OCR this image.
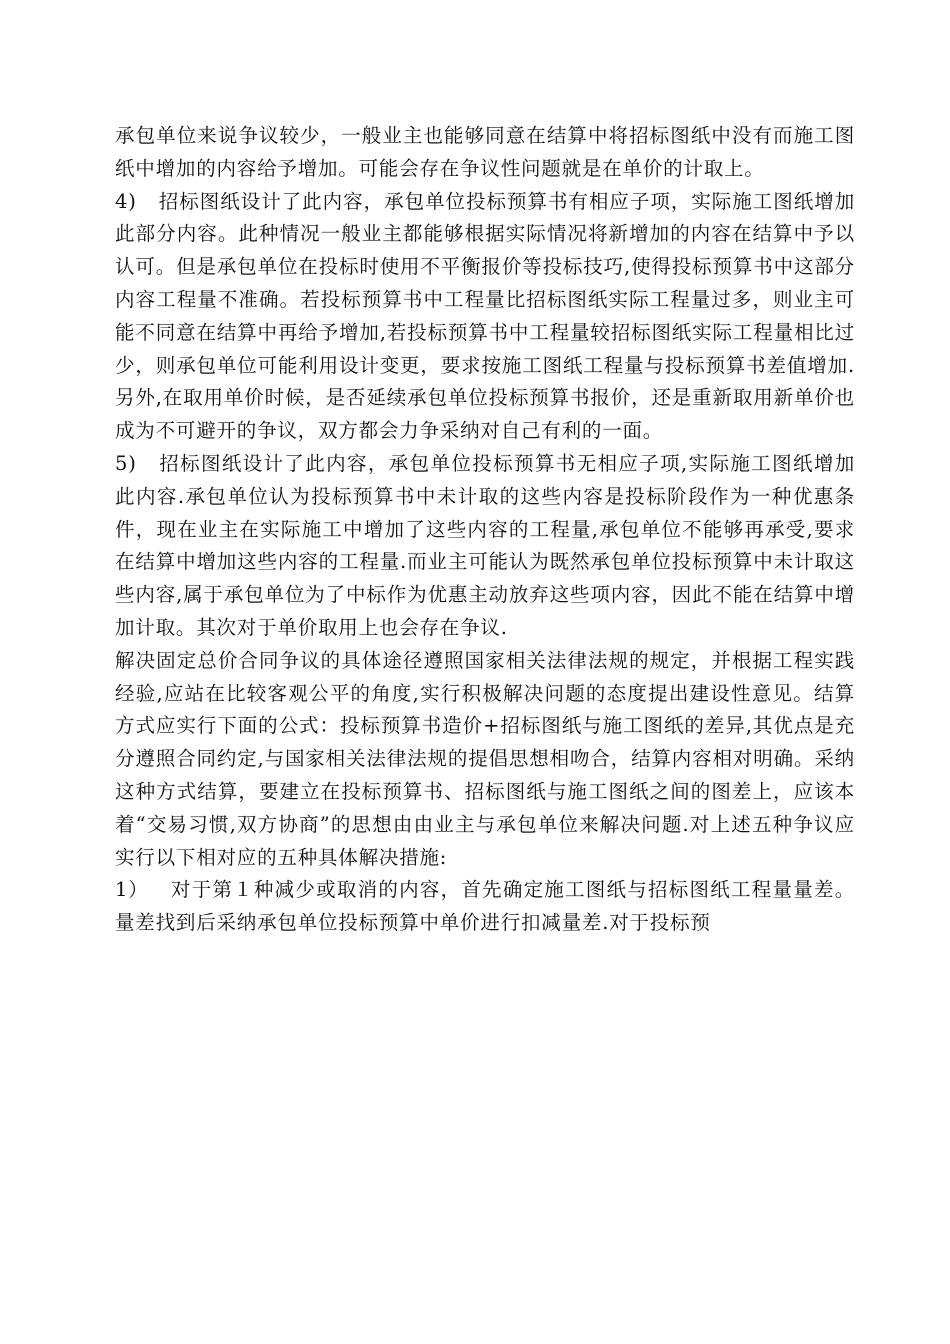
承包单位来说争议较少，一般业主也能够同意在结算中将招标图纸中没有而施工图纸中增加的内容给予增加。可能会存在争议性问题就是在单价的计取上。

4) 招标图纸设计了此内容，承包单位投标预算书有相应子项，实际施工图纸增加此部分内容。此种情况一般业主都能够根据实际情况将新增加的内容在结算中予以认可。但是承包单位在投标时使用不平衡报价等投标技巧,使得投标预算书中这部分内容工程量不准确。若投标预算书中工程量比招标图纸实际工程量过多，则业主可能不同意在结算中再给予增加,若投标预算书中工程量较招标图纸实际工程量相比过少，则承包单位可能利用设计变更，要求按施工图纸工程量与投标预算书差值增加.另外,在取用单价时候，是否延续承包单位投标预算书报价，还是重新取用新单价也成为不可避开的争议，双方都会力争采纳对自己有利的一面。

5) 招标图纸设计了此内容，承包单位投标预算书无相应子项,实际施工图纸增加此内容.承包单位认为投标预算书中未计取的这些内容是投标阶段作为一种优惠条件，现在业主在实际施工中增加了这些内容的工程量,承包单位不能够再承受,要求在结算中增加这些内容的工程量.而业主可能认为既然承包单位投标预算中未计取这些内容,属于承包单位为了中标作为优惠主动放弃这些项内容，因此不能在结算中增加计取。其次对于单价取用上也会存在争议.

解决固定总价合同争议的具体途径遵照国家相关法律法规的规定，并根据工程实践经验,应站在比较客观公平的角度,实行积极解决问题的态度提出建设性意见。结算方式应实行下面的公式：投标预算书造价+招标图纸与施工图纸的差异,其优点是充分遵照合同约定,与国家相关法律法规的提倡思想相吻合，结算内容相对明确。采纳这种方式结算，要建立在投标预算书、招标图纸与施工图纸之间的图差上，应该本着“交易习惯,双方协商”的思想由由业主与承包单位来解决问题.对上述五种争议应实行以下相对应的五种具体解决措施:

1） 对于第１种减少或取消的内容，首先确定施工图纸与招标图纸工程量量差。量差找到后采纳承包单位投标预算中单价进行扣减量差.对于投标预
